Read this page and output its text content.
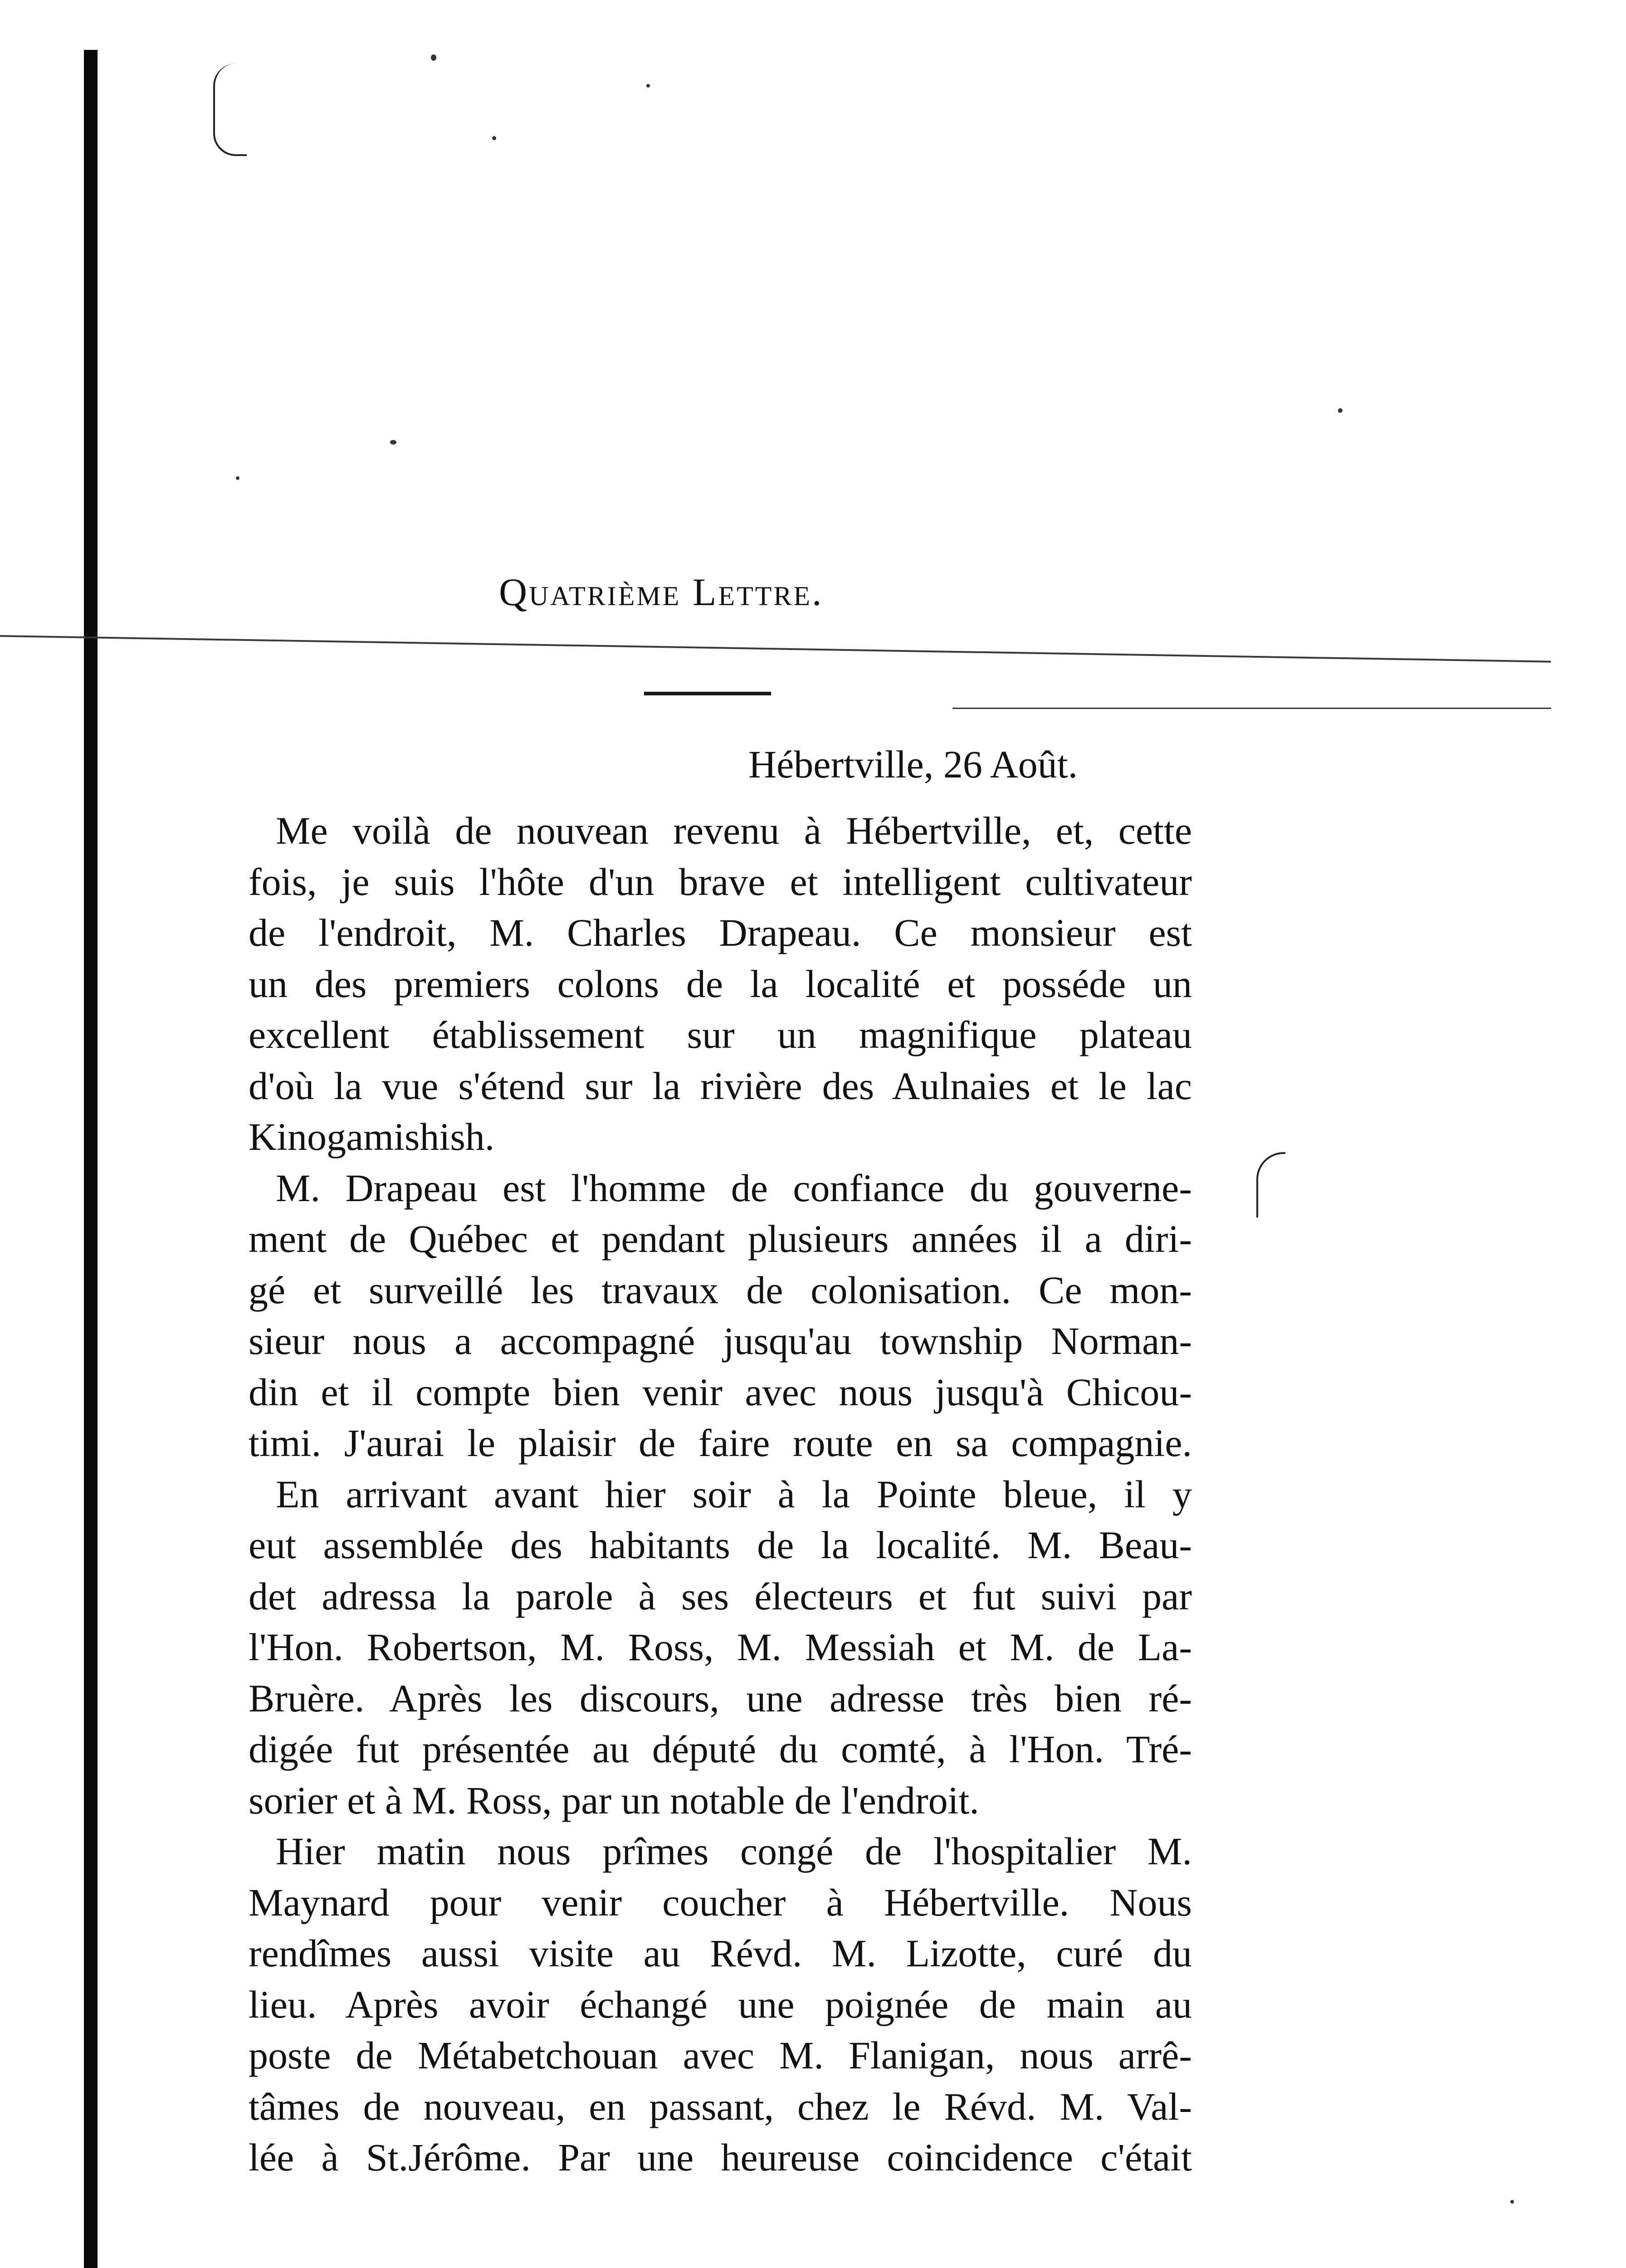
Quatrième Lettre.
Hébertville, 26 Août.
Me voilà de nouvean revenu à Hébertville, et, cette
fois, je suis l'hôte d'un brave et intelligent cultivateur
de l'endroit, M. Charles Drapeau. Ce monsieur est
un des premiers colons de la localité et posséde un
excellent établissement sur un magnifique plateau
d'où la vue s'étend sur la rivière des Aulnaies et le lac
Kinogamishish.
M. Drapeau est l'homme de confiance du gouverne-
ment de Québec et pendant plusieurs années il a diri-
gé et surveillé les travaux de colonisation. Ce mon-
sieur nous a accompagné jusqu'au township Norman-
din et il compte bien venir avec nous jusqu'à Chicou-
timi. J'aurai le plaisir de faire route en sa compagnie.
En arrivant avant hier soir à la Pointe bleue, il y
eut assemblée des habitants de la localité. M. Beau-
det adressa la parole à ses électeurs et fut suivi par
l'Hon. Robertson, M. Ross, M. Messiah et M. de La-
Bruère. Après les discours, une adresse très bien ré-
digée fut présentée au député du comté, à l'Hon. Tré-
sorier et à M. Ross, par un notable de l'endroit.
Hier matin nous prîmes congé de l'hospitalier M.
Maynard pour venir coucher à Hébertville. Nous
rendîmes aussi visite au Révd. M. Lizotte, curé du
lieu. Après avoir échangé une poignée de main au
poste de Métabetchouan avec M. Flanigan, nous arrê-
tâmes de nouveau, en passant, chez le Révd. M. Val-
lée à St.Jérôme. Par une heureuse coincidence c'était
